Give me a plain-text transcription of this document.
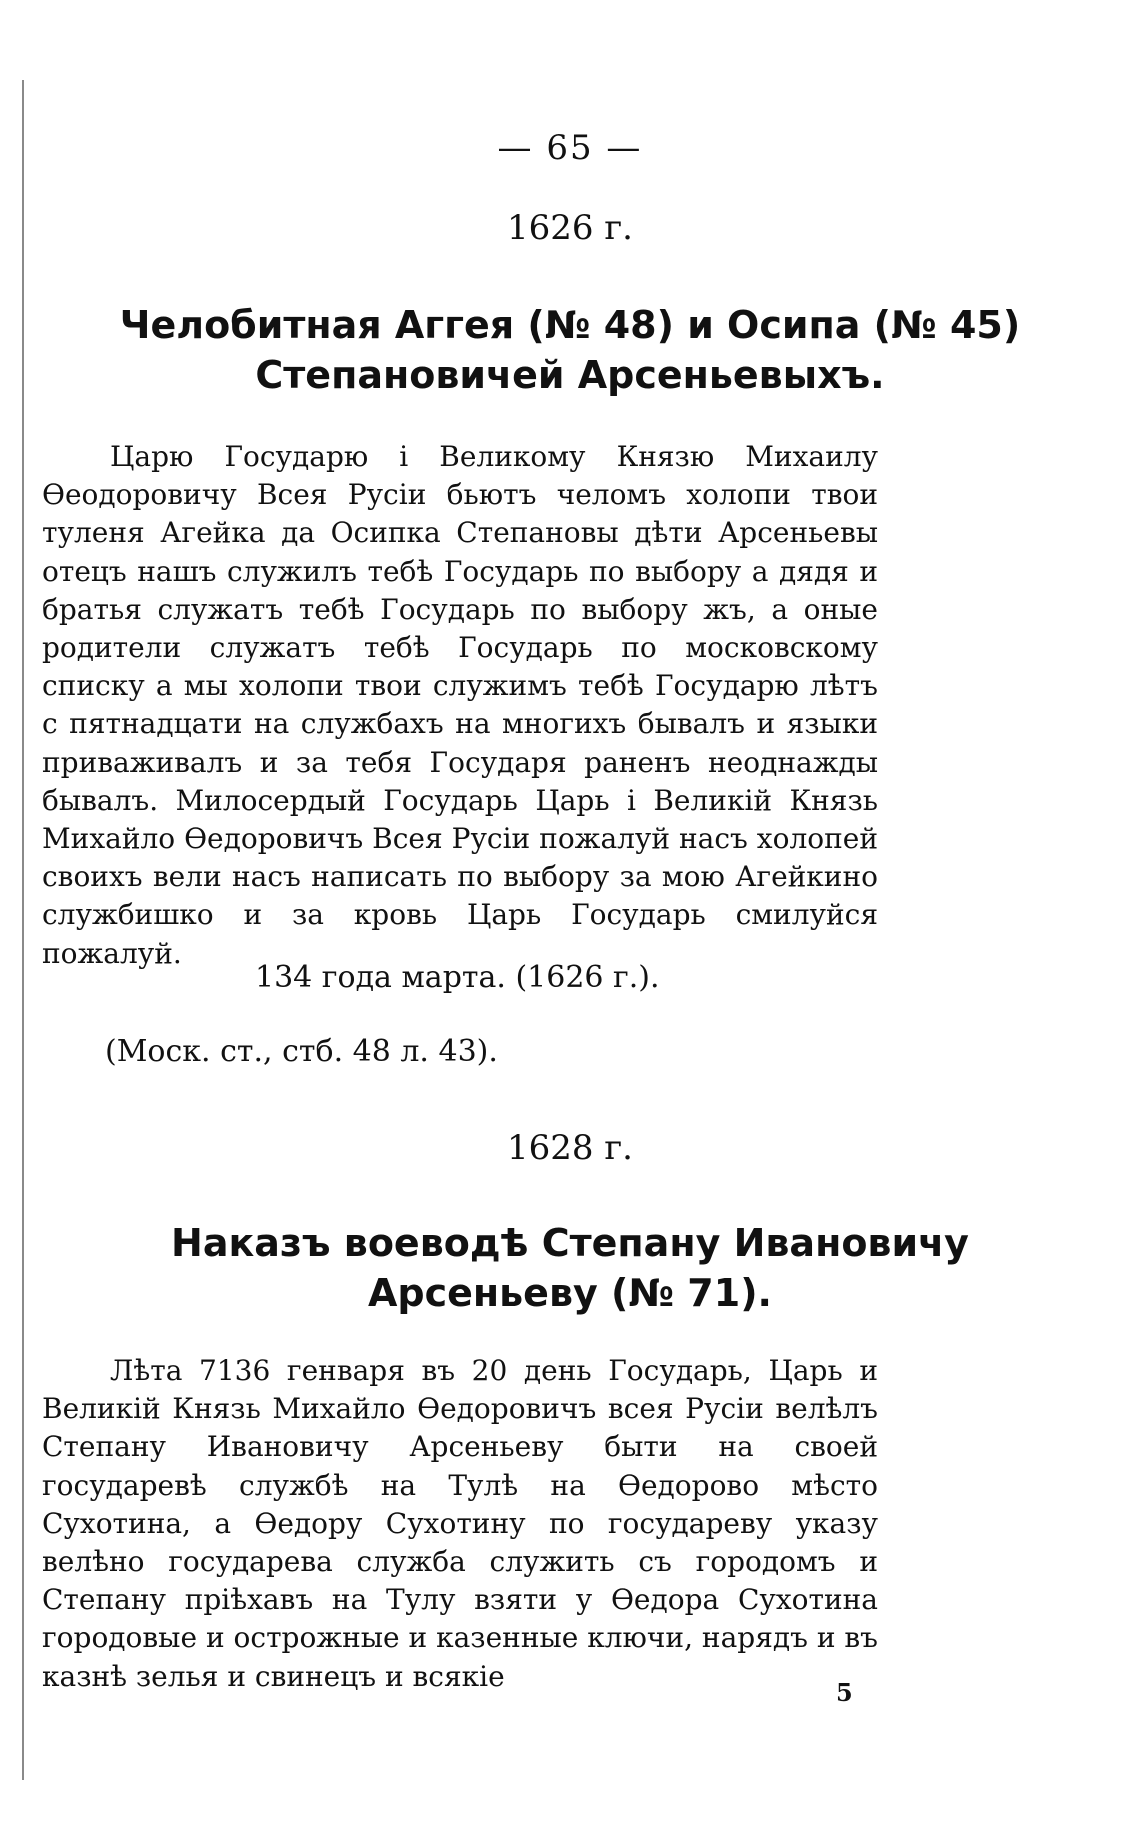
— 65 —
1626 г.
Челобитная Аггея (№ 48) и Осипа (№ 45)
Степановичей Арсеньевыхъ.

Царю Государю і Великому Князю Михаилу Ѳеодоровичу Всея Русіи бьютъ челомъ холопи твои туленя Агейка да Осипка Степановы дѣти Арсеньевы отецъ нашъ служилъ тебѣ Государь по выбору а дядя и братья служатъ тебѣ Государь по выбору жъ, а оные родители служатъ тебѣ Государь по московскому списку а мы холопи твои служимъ тебѣ Государю лѣтъ с пятнадцати на службахъ на многихъ бывалъ и языки приваживалъ и за тебя Государя раненъ неоднажды бывалъ. Милосердый Государь Царь і Великій Князь Михайло Ѳедоровичъ Всея Русіи пожалуй насъ холопей своихъ вели насъ написать по выбору за мою Агейкино службишко и за кровь Царь Государь смилуйся пожалуй.

134 года марта. (1626 г.).
(Моск. ст., стб. 48 л. 43).
1628 г.
Наказъ воеводѣ Степану Ивановичу
Арсеньеву (№ 71).

Лѣта 7136 генваря въ 20 день Государь, Царь и Великій Князь Михайло Ѳедоровичъ всея Русіи велѣлъ Степану Ивановичу Арсеньеву быти на своей государевѣ службѣ на Тулѣ на Ѳедорово мѣсто Сухотина, а Ѳедору Сухотину по государеву указу велѣно государева служба служить съ городомъ и Степану пріѣхавъ на Тулу взяти у Ѳедора Сухотина городовые и острожные и казенные ключи, нарядъ и въ казнѣ зелья и свинецъ и всякіе	5
